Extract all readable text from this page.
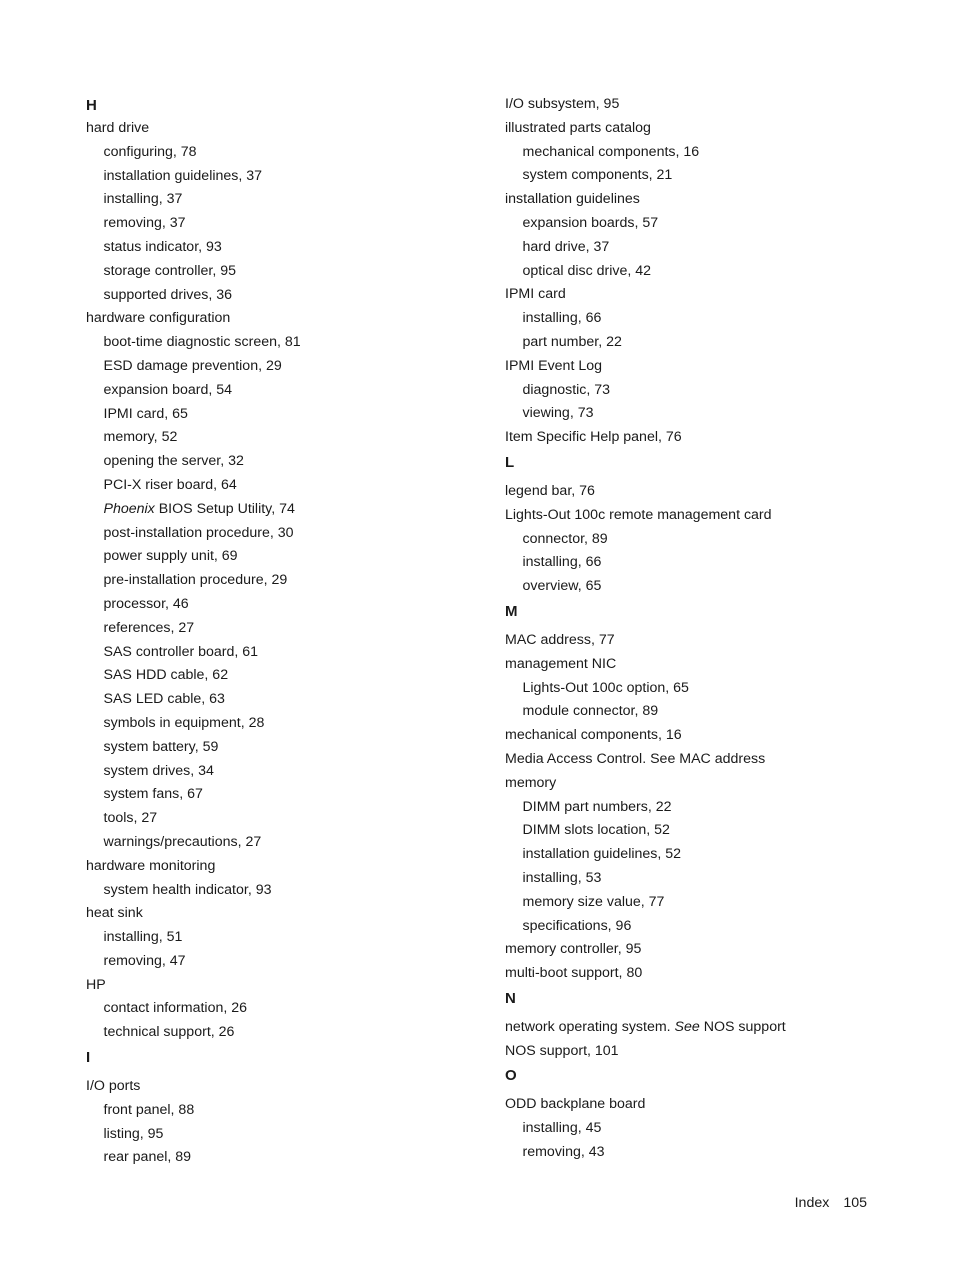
H
hard drive
configuring, 78
installation guidelines, 37
installing, 37
removing, 37
status indicator, 93
storage controller, 95
supported drives, 36
hardware configuration
boot-time diagnostic screen, 81
ESD damage prevention, 29
expansion board, 54
IPMI card, 65
memory, 52
opening the server, 32
PCI-X riser board, 64
Phoenix BIOS Setup Utility, 74
post-installation procedure, 30
power supply unit, 69
pre-installation procedure, 29
processor, 46
references, 27
SAS controller board, 61
SAS HDD cable, 62
SAS LED cable, 63
symbols in equipment, 28
system battery, 59
system drives, 34
system fans, 67
tools, 27
warnings/precautions, 27
hardware monitoring
system health indicator, 93
heat sink
installing, 51
removing, 47
HP
contact information, 26
technical support, 26
I
I/O ports
front panel, 88
listing, 95
rear panel, 89
I/O subsystem, 95
illustrated parts catalog
mechanical components, 16
system components, 21
installation guidelines
expansion boards, 57
hard drive, 37
optical disc drive, 42
IPMI card
installing, 66
part number, 22
IPMI Event Log
diagnostic, 73
viewing, 73
Item Specific Help panel, 76
L
legend bar, 76
Lights-Out 100c remote management card
connector, 89
installing, 66
overview, 65
M
MAC address, 77
management NIC
Lights-Out 100c option, 65
module connector, 89
mechanical components, 16
Media Access Control. See MAC address
memory
DIMM part numbers, 22
DIMM slots location, 52
installation guidelines, 52
installing, 53
memory size value, 77
specifications, 96
memory controller, 95
multi-boot support, 80
N
network operating system. See NOS support
NOS support, 101
O
ODD backplane board
installing, 45
removing, 43
Index 105
